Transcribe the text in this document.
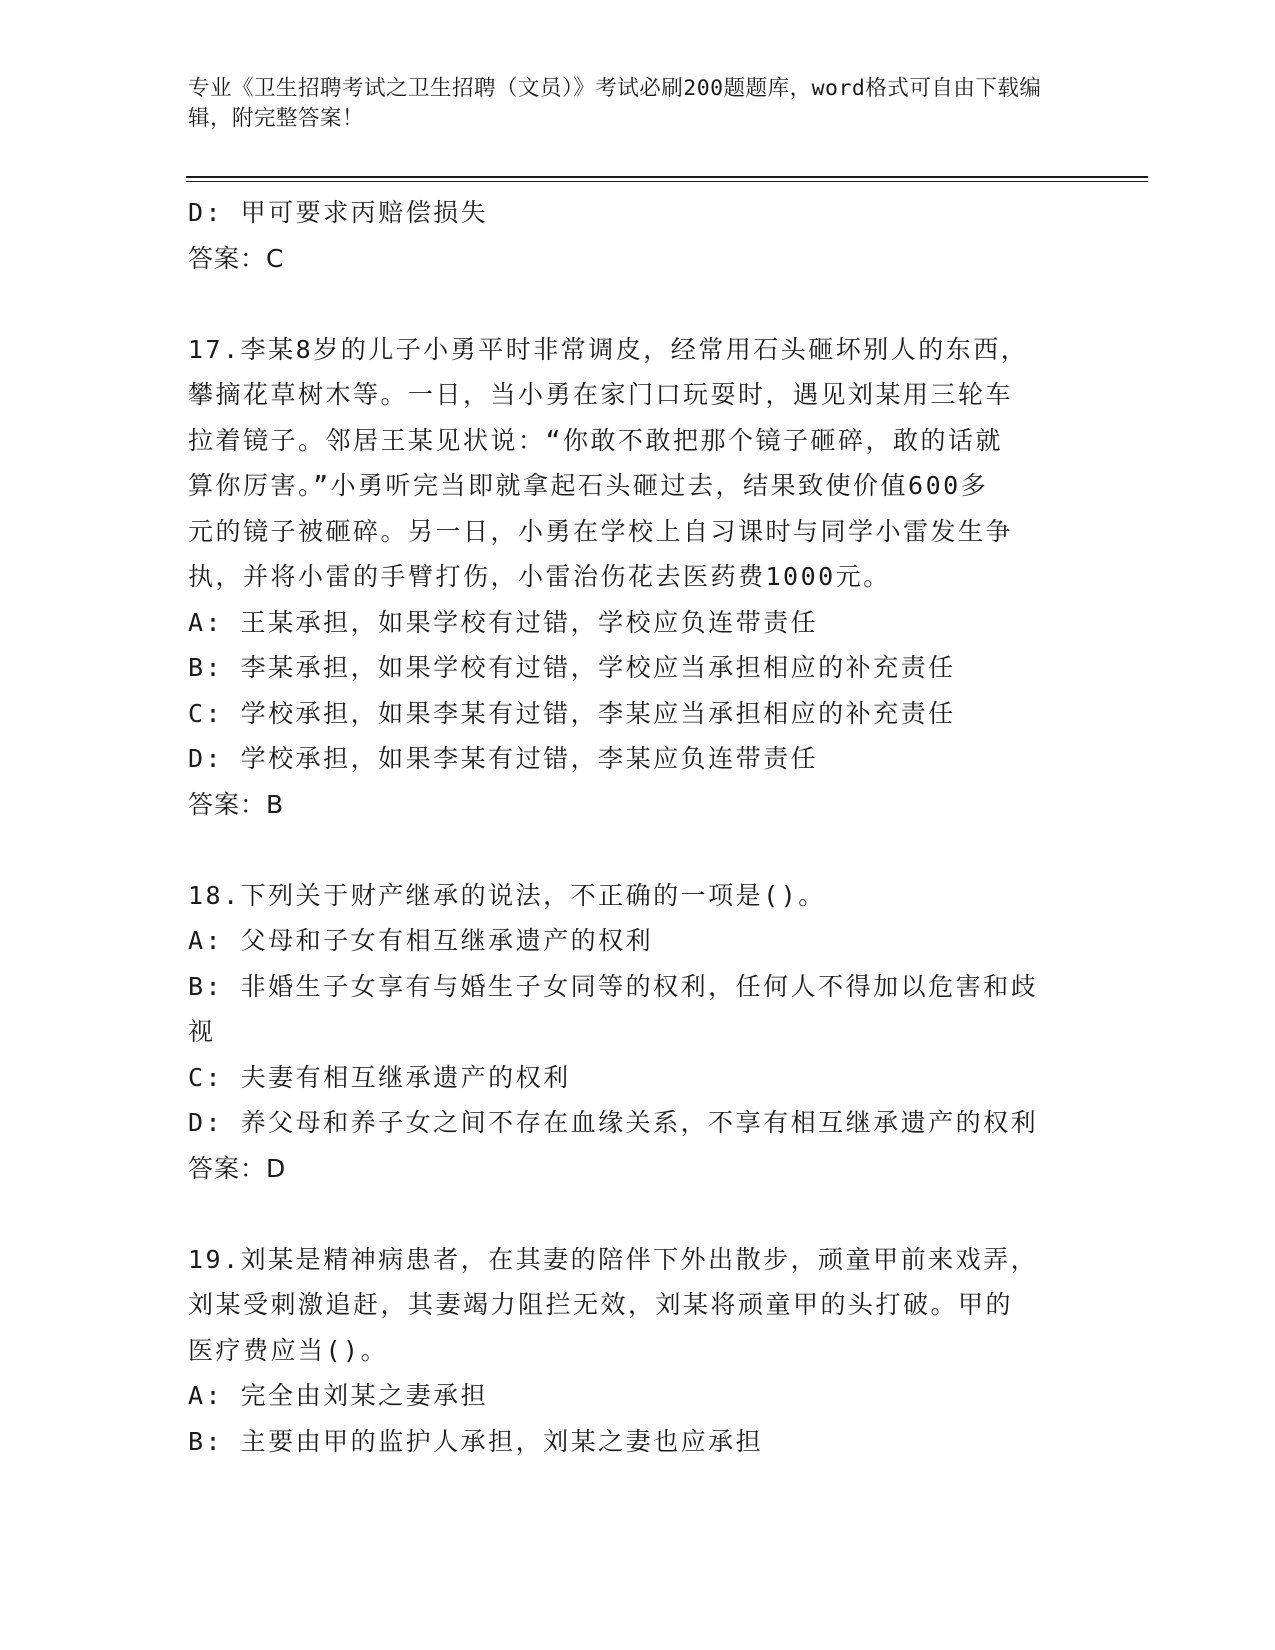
专业《卫生招聘考试之卫生招聘（文员）》考试必刷200题题库，word格式可自由下载编辑，附完整答案！
D: 甲可要求丙赔偿损失
答案：C
17.李某8岁的儿子小勇平时非常调皮，经常用石头砸坏别人的东西，
攀摘花草树木等。一日，当小勇在家门口玩耍时，遇见刘某用三轮车
拉着镜子。邻居王某见状说：“你敢不敢把那个镜子砸碎，敢的话就
算你厉害。”小勇听完当即就拿起石头砸过去，结果致使价值600多
元的镜子被砸碎。另一日，小勇在学校上自习课时与同学小雷发生争
执，并将小雷的手臂打伤，小雷治伤花去医药费1000元。
A: 王某承担，如果学校有过错，学校应负连带责任
B: 李某承担，如果学校有过错，学校应当承担相应的补充责任
C: 学校承担，如果李某有过错，李某应当承担相应的补充责任
D: 学校承担，如果李某有过错，李某应负连带责任
答案：B
18.下列关于财产继承的说法，不正确的一项是()。
A: 父母和子女有相互继承遗产的权利
B: 非婚生子女享有与婚生子女同等的权利，任何人不得加以危害和歧
视
C: 夫妻有相互继承遗产的权利
D: 养父母和养子女之间不存在血缘关系，不享有相互继承遗产的权利
答案：D
19.刘某是精神病患者，在其妻的陪伴下外出散步，顽童甲前来戏弄，
刘某受刺激追赶，其妻竭力阻拦无效，刘某将顽童甲的头打破。甲的
医疗费应当()。
A: 完全由刘某之妻承担
B: 主要由甲的监护人承担，刘某之妻也应承担
